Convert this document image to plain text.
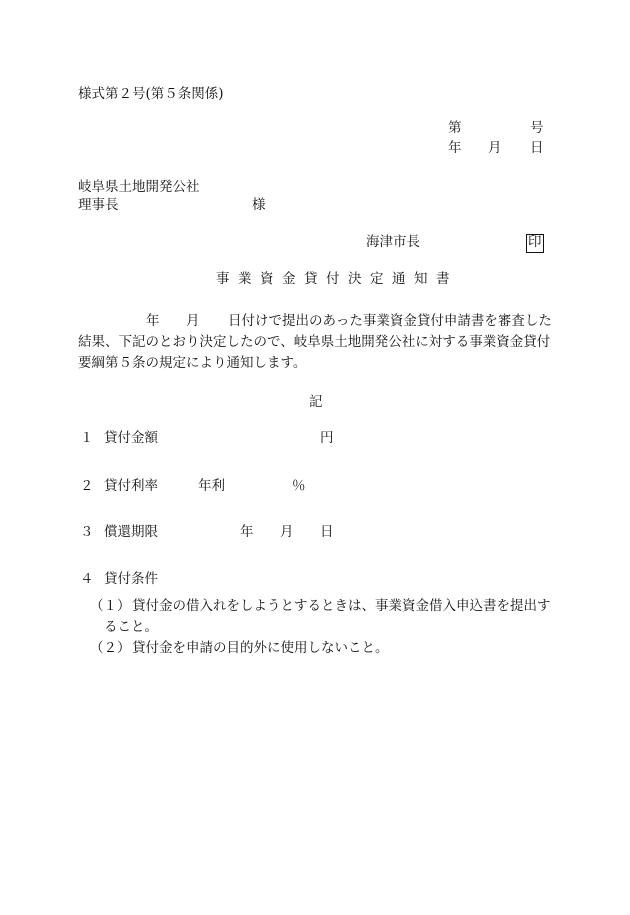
様式第２号(第５条関係)
第	号
年 月 日
岐阜県土地開発公社
理事長	様
海津市長	印
事業資金貸付決定通知書
年 月 日付けで提出のあった事業資金貸付申請書を審査した
結果、下記のとおり決定したので、岐阜県土地開発公社に対する事業資金貸付
要綱第５条の規定により通知します。
記
１ 貸付金額	円
２ 貸付利率	年利	％
３ 償還期限	年 月 日
４ 貸付条件
（１） 貸付金の借入れをしようとするときは、事業資金借入申込書を提出す
ること。
（２） 貸付金を申請の目的外に使用しないこと。
